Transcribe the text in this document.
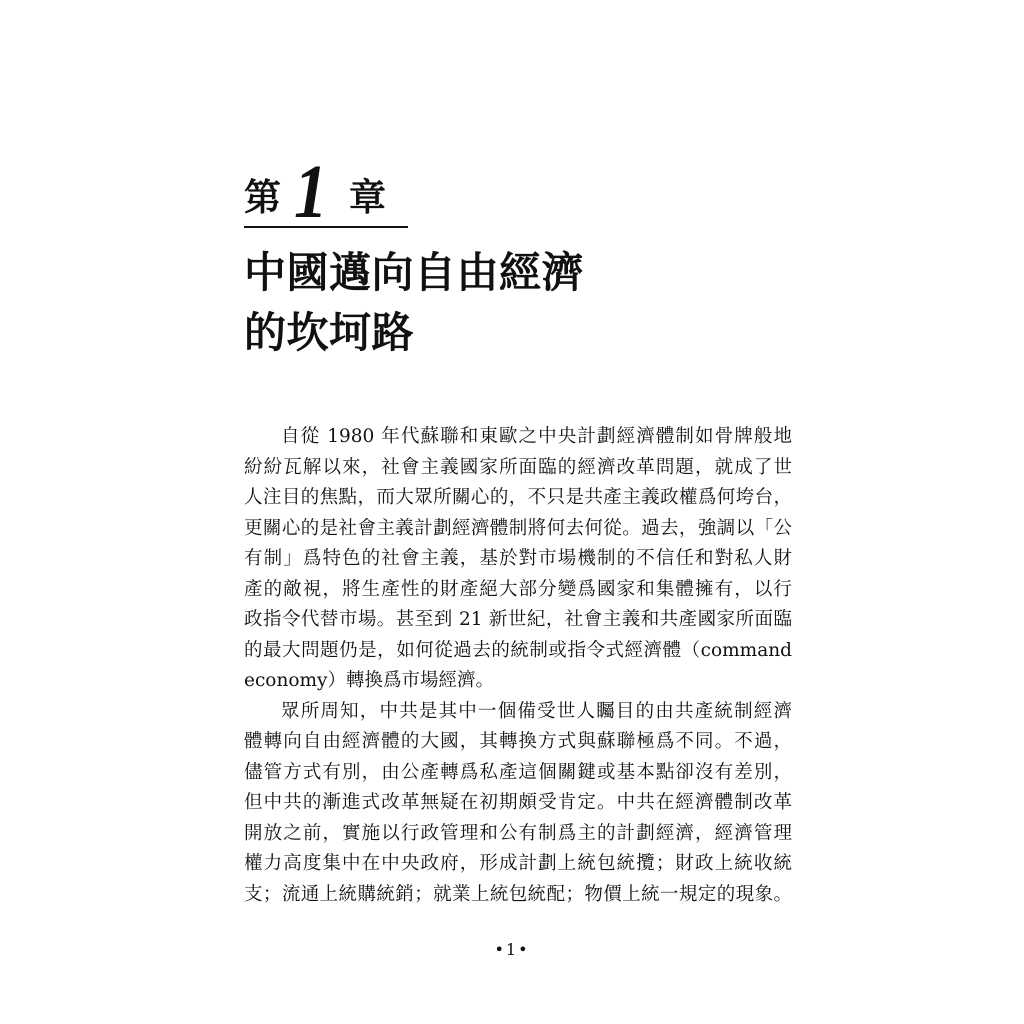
第 1 章
中國邁向自由經濟
的坎坷路
自從 1980 年代蘇聯和東歐之中央計劃經濟體制如骨牌般地
紛紛瓦解以來，社會主義國家所面臨的經濟改革問題，就成了世
人注目的焦點，而大眾所關心的，不只是共產主義政權爲何垮台，
更關心的是社會主義計劃經濟體制將何去何從。過去，強調以「公
有制」爲特色的社會主義，基於對市場機制的不信任和對私人財
產的敵視，將生產性的財產絕大部分變爲國家和集體擁有，以行
政指令代替市場。甚至到 21 新世紀，社會主義和共產國家所面臨
的最大問題仍是，如何從過去的統制或指令式經濟體（command
economy）轉換爲市場經濟。
眾所周知，中共是其中一個備受世人矚目的由共產統制經濟
體轉向自由經濟體的大國，其轉換方式與蘇聯極爲不同。不過，
儘管方式有別，由公產轉爲私產這個關鍵或基本點卻沒有差別，
但中共的漸進式改革無疑在初期頗受肯定。中共在經濟體制改革
開放之前，實施以行政管理和公有制爲主的計劃經濟，經濟管理
權力高度集中在中央政府，形成計劃上統包統攬；財政上統收統
支；流通上統購統銷；就業上統包統配；物價上統一規定的現象。
•1•
